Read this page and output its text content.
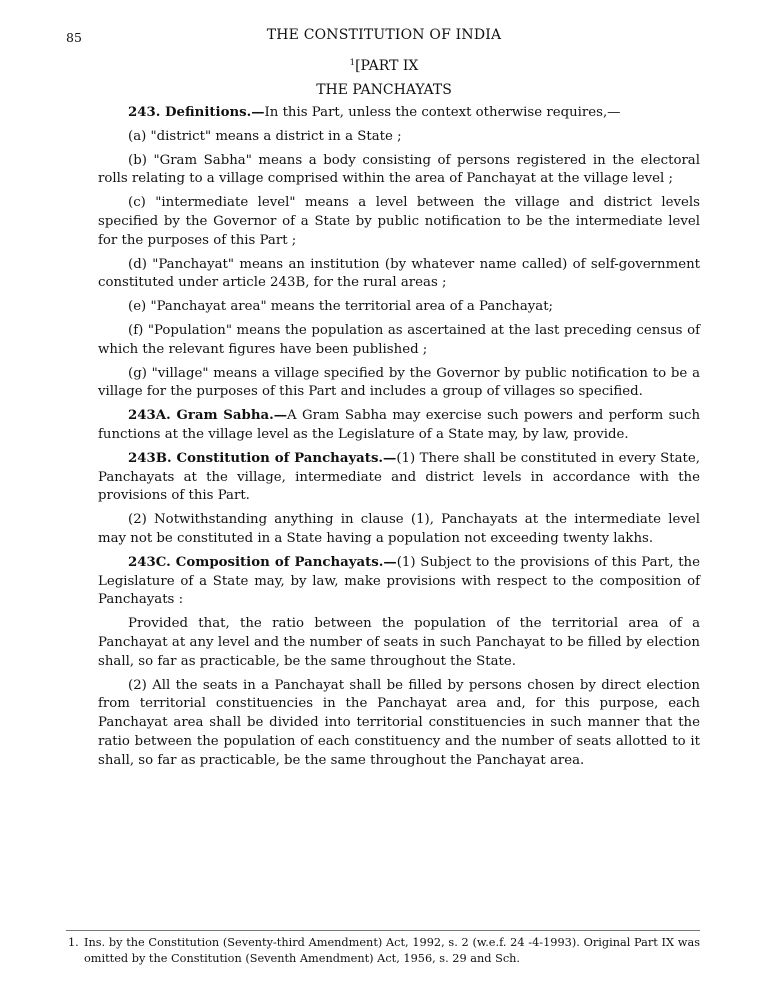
85	THE CONSTITUTION OF INDIA
$^1$[PART IX
THE PANCHAYATS

243. Definitions.—In this Part, unless the context otherwise requires,—

(a) "district" means a district in a State ;

(b) "Gram Sabha" means a body consisting of persons registered in the electoral rolls relating to a village comprised within the area of Panchayat at the village level ;

(c) "intermediate level" means a level between the village and district levels specified by the Governor of a State by public notification to be the intermediate level for the purposes of this Part ;

(d) "Panchayat" means an institution (by whatever name called) of self-government constituted under article 243B, for the rural areas ;

(e) "Panchayat area" means the territorial area of a Panchayat;

(f) "Population" means the population as ascertained at the last preceding census of which the relevant figures have been published ;

(g) "village" means a village specified by the Governor by public notification to be a village for the purposes of this Part and includes a group of villages so specified.

243A. Gram Sabha.—A Gram Sabha may exercise such powers and perform such functions at the village level as the Legislature of a State may, by law, provide.

243B. Constitution of Panchayats.—(1) There shall be constituted in every State, Panchayats at the village, intermediate and district levels in accordance with the provisions of this Part.

(2) Notwithstanding anything in clause (1), Panchayats at the intermediate level may not be constituted in a State having a population not exceeding twenty lakhs.

243C. Composition of Panchayats.—(1) Subject to the provisions of this Part, the Legislature of a State may, by law, make provisions with respect to the composition of Panchayats :

Provided that, the ratio between the population of the territorial area of a Panchayat at any level and the number of seats in such Panchayat to be filled by election shall, so far as practicable, be the same throughout the State.

(2) All the seats in a Panchayat shall be filled by persons chosen by direct election from territorial constituencies in the Panchayat area and, for this purpose, each Panchayat area shall be divided into territorial constituencies in such manner that the ratio between the population of each constituency and the number of seats allotted to it shall, so far as practicable, be the same throughout the Panchayat area.

1. Ins. by the Constitution (Seventy-third Amendment) Act, 1992, s. 2 (w.e.f. 24 -4-1993). Original Part IX was omitted by the Constitution (Seventh Amendment) Act, 1956, s. 29 and Sch.
